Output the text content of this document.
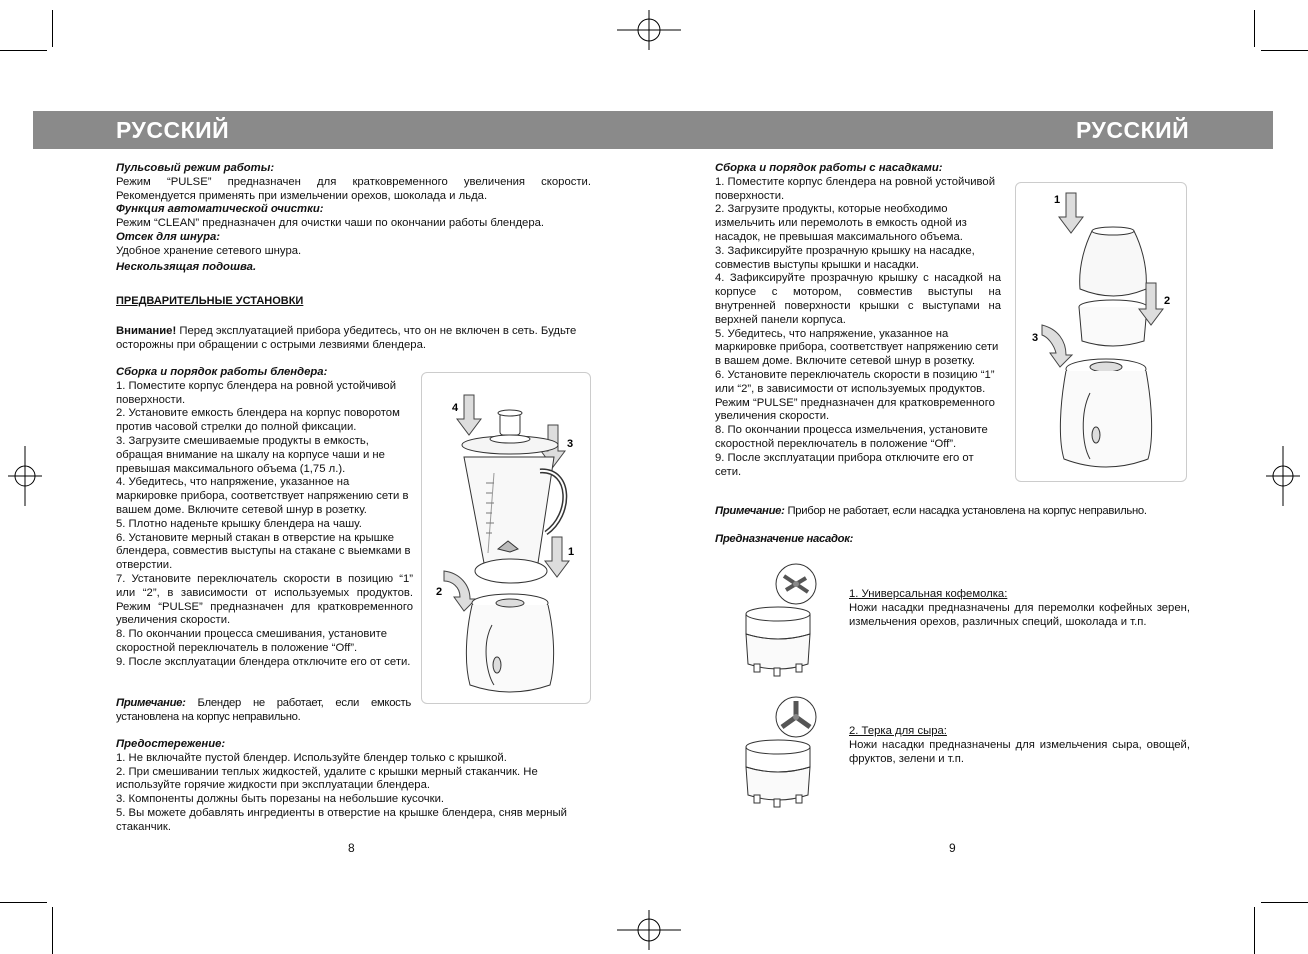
РУССКИЙ	РУССКИЙ

Пульсовый режим работы:

Режим “PULSE” предназначен для кратковременного увеличения скорости. Рекомендуется применять при измельчении орехов, шоколада и льда.

Функция автоматической очистки:

Режим “CLEAN” предназначен для очистки чаши по окончании работы блендера.

Отсек для шнура:

Удобное хранение сетевого шнура.

Нескользящая подошва.

ПРЕДВАРИТЕЛЬНЫЕ УСТАНОВКИ

Внимание! Перед эксплуатацией прибора убедитесь, что он не включен в сеть. Будьте осторожны при обращении с острыми лезвиями блендера.

Сборка и порядок работы блендера:

1. Поместите корпус блендера на ровной устойчивой поверхности.

2. Установите емкость блендера на корпус поворотом против часовой стрелки до полной фиксации.

3. Загрузите смешиваемые продукты в емкость, обращая внимание на шкалу на корпусе чаши и не превышая максимального объема (1,75 л.).

4. Убедитесь, что напряжение, указанное на маркировке прибора, соответствует напряжению сети в вашем доме. Включите сетевой шнур в розетку.

5. Плотно наденьте крышку блендера на чашу.

6. Установите мерный стакан в отверстие на крышке блендера, совместив выступы на стакане с выемками в отверстии.

7. Установите переключатель скорости в позицию “1” или “2”, в зависимости от используемых продуктов. Режим “PULSE” предназначен для кратковременного увеличения скорости.

8. По окончании процесса смешивания, установите скоростной переключатель в положение “Off”.

9. После эксплуатации блендера отключите его от сети.

Примечание: Блендер не работает, если емкость установлена на корпус неправильно.

Предостережение:

1. Не включайте пустой блендер. Используйте блендер только с крышкой.

2. При смешивании теплых жидкостей, удалите с крышки мерный стаканчик. Не используйте горячие жидкости при эксплуатации блендера.

3. Компоненты должны быть порезаны на небольшие кусочки.

5. Вы можете добавлять ингредиенты в отверстие на крышке блендера, сняв мерный стаканчик.

8
4
3
1
2

Сборка и порядок работы с насадками:

1. Поместите корпус блендера на ровной устойчивой поверхности.

2. Загрузите продукты, которые необходимо измельчить или перемолоть в емкость одной из насадок, не превышая максимального объема.

3. Зафиксируйте прозрачную крышку на насадке, совместив выступы крышки и насадки.

4. Зафиксируйте прозрачную крышку с насадкой на корпусе с мотором, совместив выступы на внутренней поверхности крышки с выступами на верхней панели корпуса.

5. Убедитесь, что напряжение, указанное на маркировке прибора, соответствует напряжению сети в вашем доме. Включите сетевой шнур в розетку.

6. Установите переключатель скорости в позицию “1” или “2”, в зависимости от используемых продуктов. Режим “PULSE” предназначен для кратковременного увеличения скорости.

8. По окончании процесса измельчения, установите скоростной переключатель в положение “Off”.

9. После эксплуатации прибора отключите его от сети.

Примечание: Прибор не работает, если насадка установлена на корпус неправильно.

Предназначение насадок:

1. Универсальная кофемолка:

Ножи насадки предназначены для перемолки кофейных зерен, измельчения орехов, различных специй, шоколада и т.п.

2. Терка для сыра:

Ножи насадки предназначены для измельчения сыра, овощей, фруктов, зелени и т.п.

9
1
2
3
